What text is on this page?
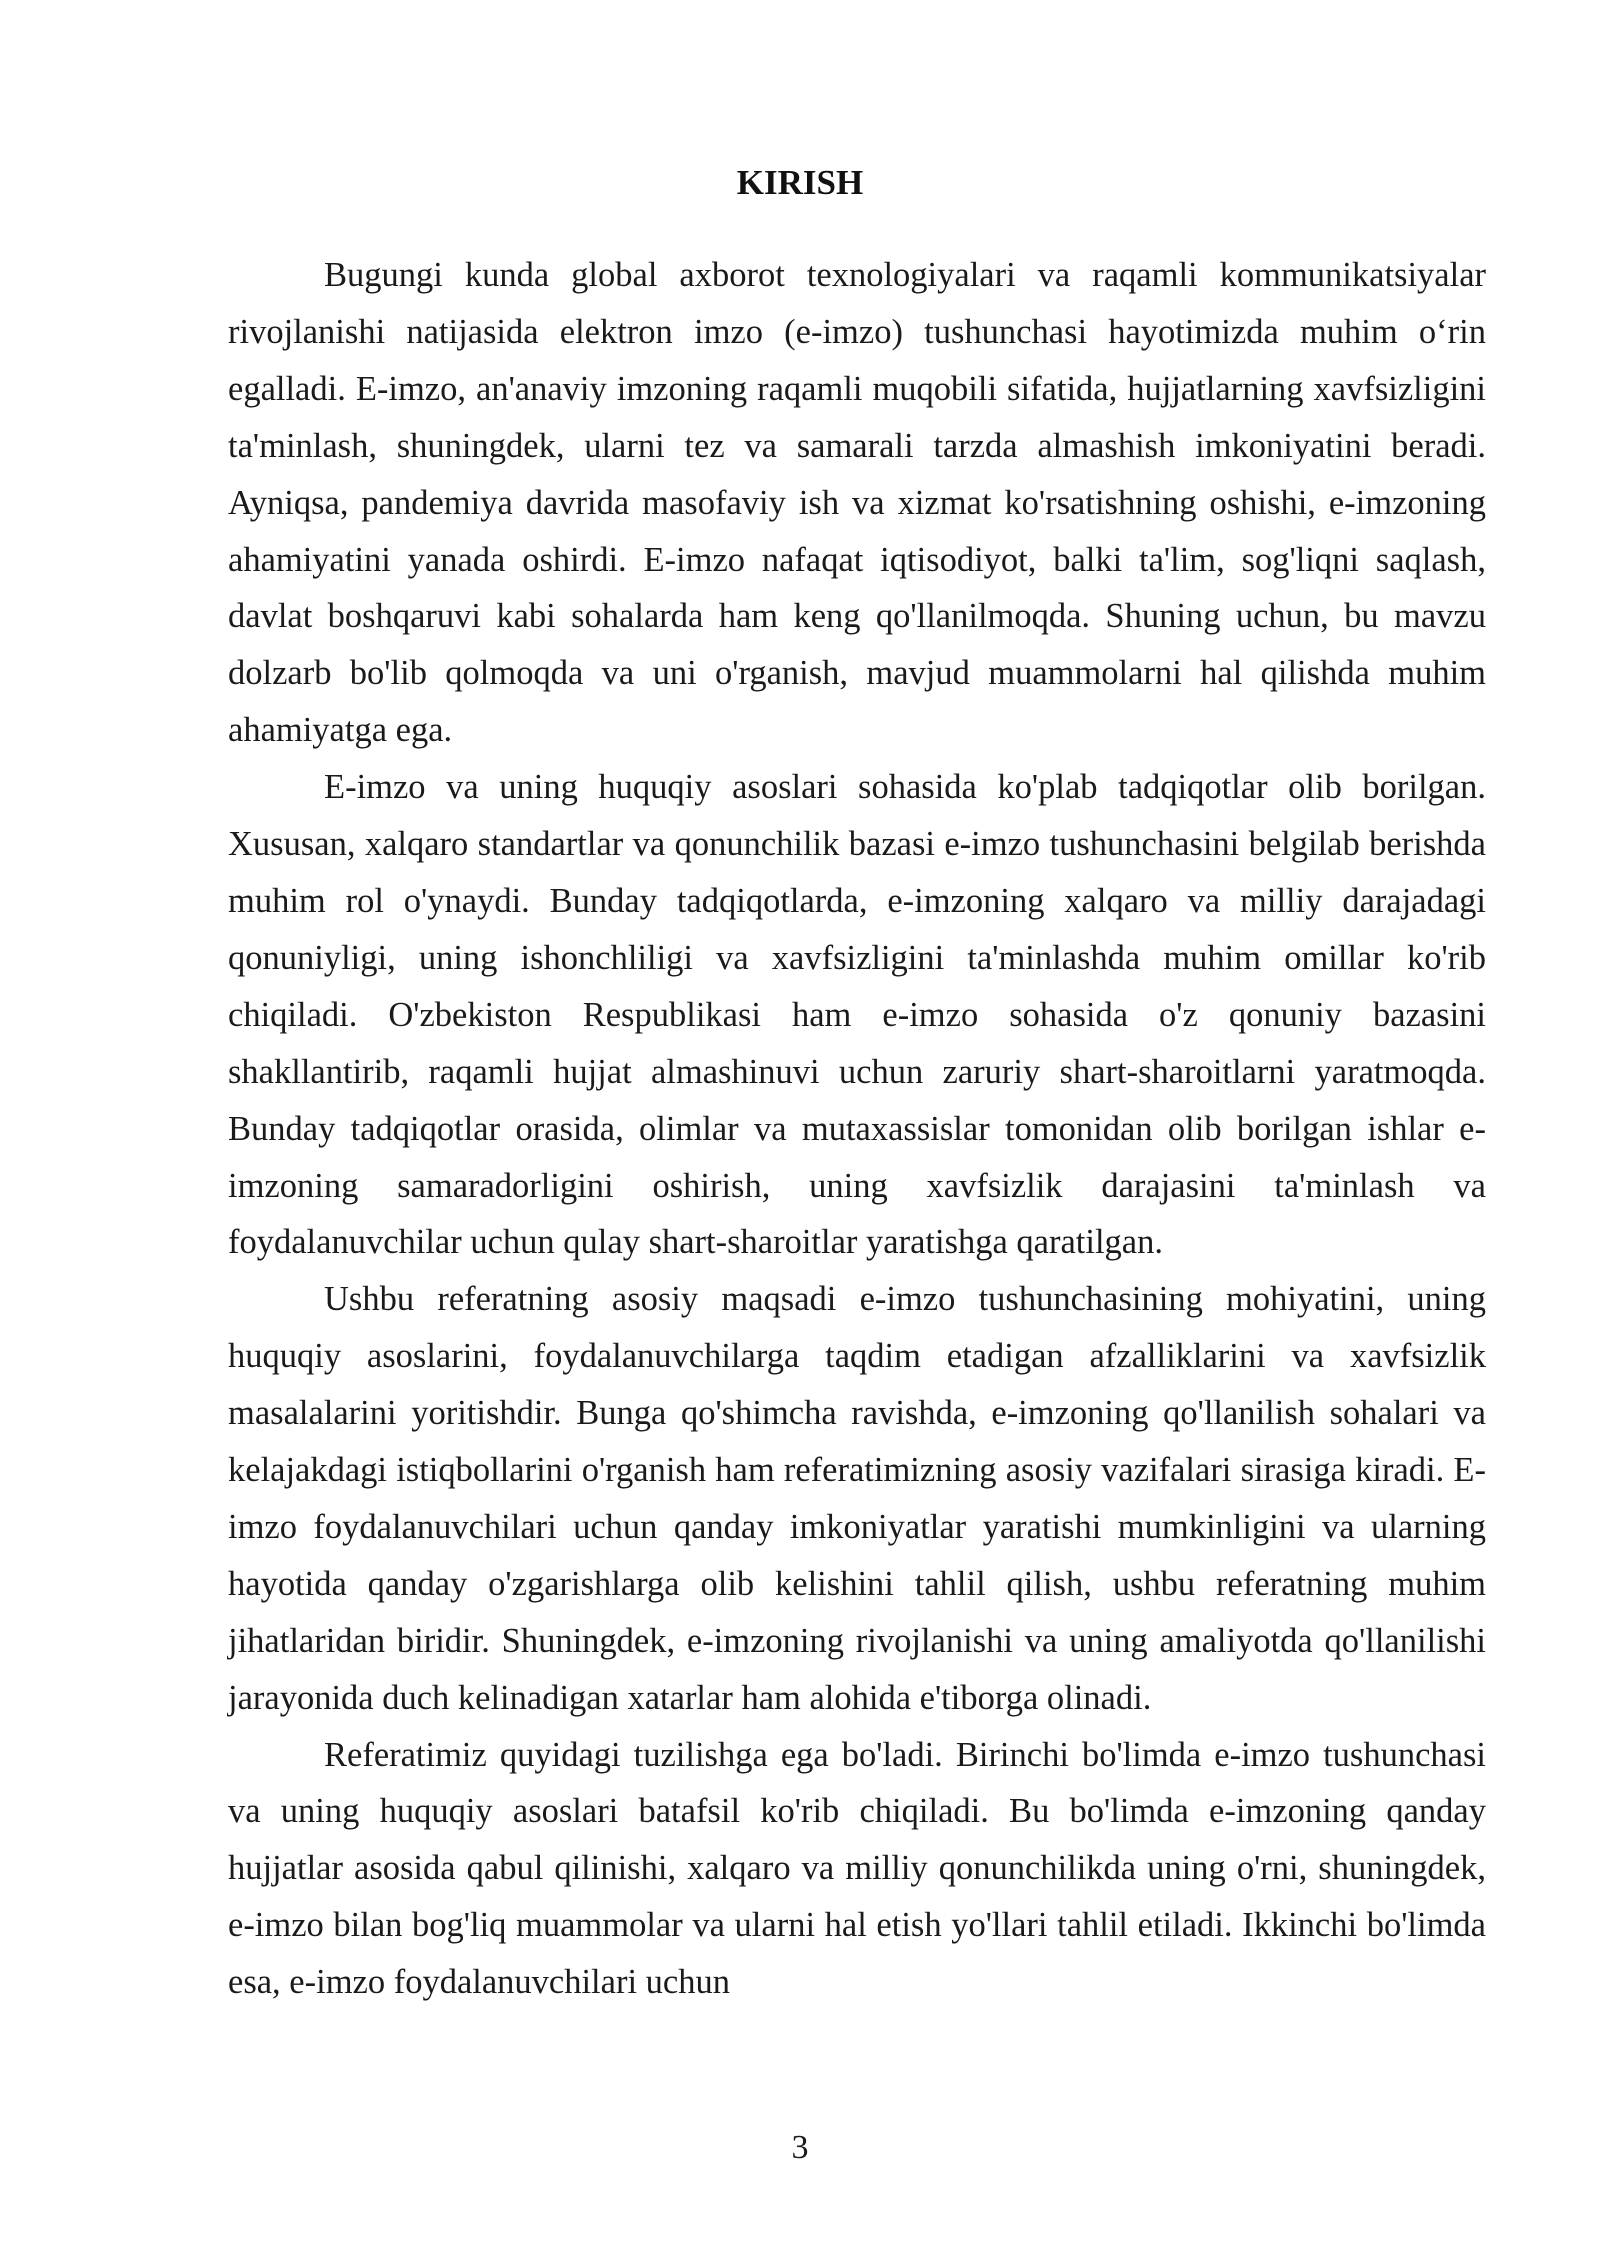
KIRISH

Bugungi kunda global axborot texnologiyalari va raqamli kommunikatsiyalar rivojlanishi natijasida elektron imzo (e-imzo) tushunchasi hayotimizda muhim o‘rin egalladi. E-imzo, an'anaviy imzoning raqamli muqobili sifatida, hujjatlarning xavfsizligini ta'minlash, shuningdek, ularni tez va samarali tarzda almashish imkoniyatini beradi. Ayniqsa, pandemiya davrida masofaviy ish va xizmat ko'rsatishning oshishi, e-imzoning ahamiyatini yanada oshirdi. E-imzo nafaqat iqtisodiyot, balki ta'lim, sog'liqni saqlash, davlat boshqaruvi kabi sohalarda ham keng qo'llanilmoqda. Shuning uchun, bu mavzu dolzarb bo'lib qolmoqda va uni o'rganish, mavjud muammolarni hal qilishda muhim ahamiyatga ega.

E-imzo va uning huquqiy asoslari sohasida ko'plab tadqiqotlar olib borilgan. Xususan, xalqaro standartlar va qonunchilik bazasi e-imzo tushunchasini belgilab berishda muhim rol o'ynaydi. Bunday tadqiqotlarda, e-imzoning xalqaro va milliy darajadagi qonuniyligi, uning ishonchliligi va xavfsizligini ta'minlashda muhim omillar ko'rib chiqiladi. O'zbekiston Respublikasi ham e-imzo sohasida o'z qonuniy bazasini shakllantirib, raqamli hujjat almashinuvi uchun zaruriy shart-sharoitlarni yaratmoqda. Bunday tadqiqotlar orasida, olimlar va mutaxassislar tomonidan olib borilgan ishlar e-imzoning samaradorligini oshirish, uning xavfsizlik darajasini ta'minlash va foydalanuvchilar uchun qulay shart-sharoitlar yaratishga qaratilgan.

Ushbu referatning asosiy maqsadi e-imzo tushunchasining mohiyatini, uning huquqiy asoslarini, foydalanuvchilarga taqdim etadigan afzalliklarini va xavfsizlik masalalarini yoritishdir. Bunga qo'shimcha ravishda, e-imzoning qo'llanilish sohalari va kelajakdagi istiqbollarini o'rganish ham referatimizning asosiy vazifalari sirasiga kiradi. E-imzo foydalanuvchilari uchun qanday imkoniyatlar yaratishi mumkinligini va ularning hayotida qanday o'zgarishlarga olib kelishini tahlil qilish, ushbu referatning muhim jihatlaridan biridir. Shuningdek, e-imzoning rivojlanishi va uning amaliyotda qo'llanilishi jarayonida duch kelinadigan xatarlar ham alohida e'tiborga olinadi.

Referatimiz quyidagi tuzilishga ega bo'ladi. Birinchi bo'limda e-imzo tushunchasi va uning huquqiy asoslari batafsil ko'rib chiqiladi. Bu bo'limda e-imzoning qanday hujjatlar asosida qabul qilinishi, xalqaro va milliy qonunchilikda uning o'rni, shuningdek, e-imzo bilan bog'liq muammolar va ularni hal etish yo'llari tahlil etiladi. Ikkinchi bo'limda esa, e-imzo foydalanuvchilari uchun

3
